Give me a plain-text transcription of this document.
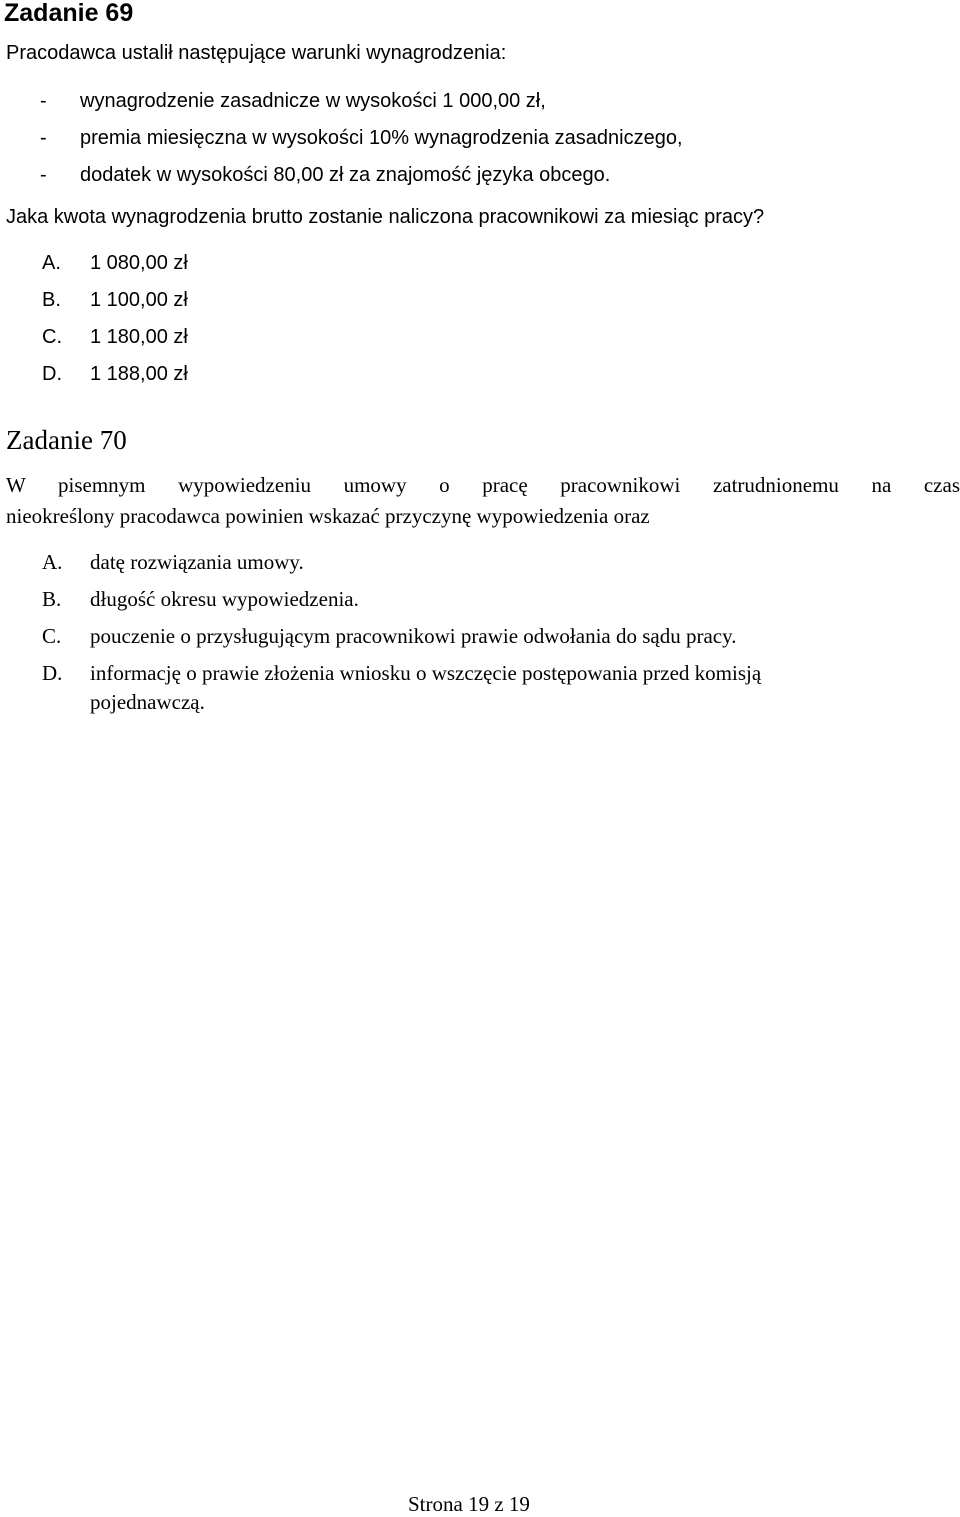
Zadanie 69
Pracodawca ustalił następujące warunki wynagrodzenia:
- wynagrodzenie zasadnicze w wysokości 1 000,00 zł,
- premia miesięczna w wysokości 10% wynagrodzenia zasadniczego,
- dodatek w wysokości 80,00 zł za znajomość języka obcego.
Jaka kwota wynagrodzenia brutto zostanie naliczona pracownikowi za miesiąc pracy?
A. 1 080,00 zł
B. 1 100,00 zł
C. 1 180,00 zł
D. 1 188,00 zł
Zadanie 70
W pisemnym wypowiedzeniu umowy o pracę pracownikowi zatrudnionemu na czas
nieokreślony pracodawca powinien wskazać przyczynę wypowiedzenia oraz
A. datę rozwiązania umowy.
B. długość okresu wypowiedzenia.
C. pouczenie o przysługującym pracownikowi prawie odwołania do sądu pracy.
D. informację o prawie złożenia wniosku o wszczęcie postępowania przed komisją
pojednawczą.
Strona 19 z 19
